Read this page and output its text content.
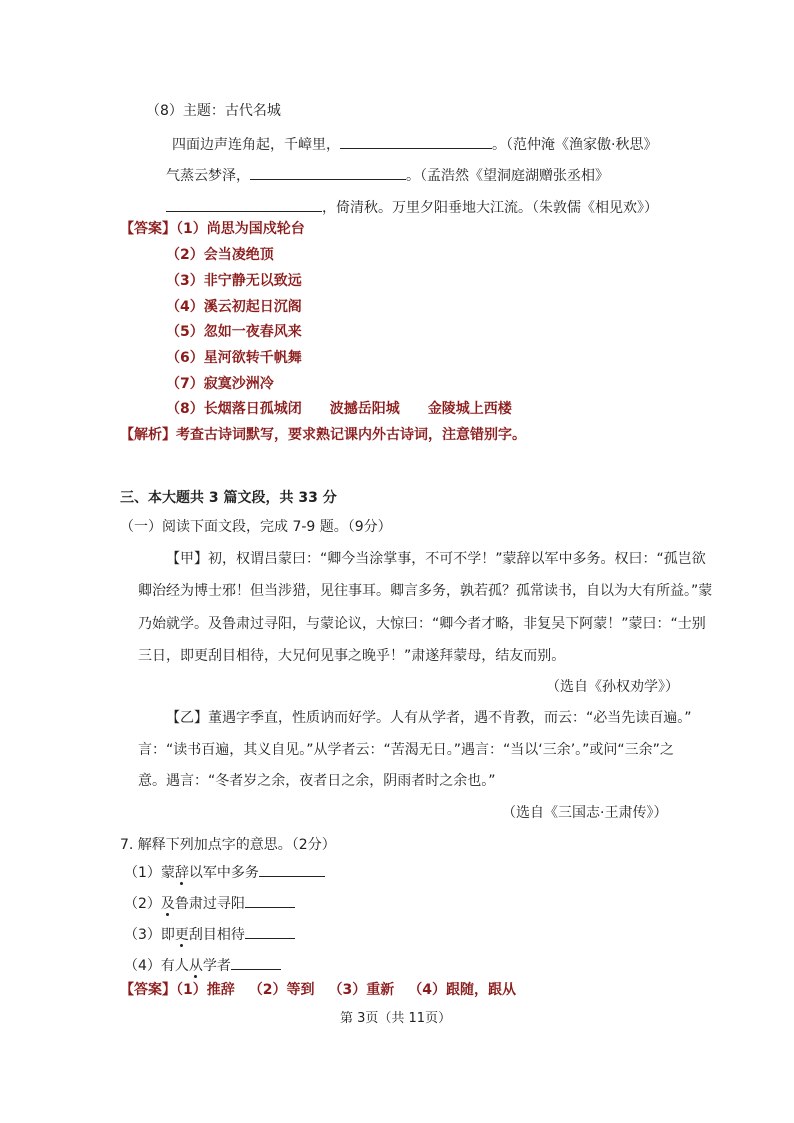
（8）主题：古代名城
四面边声连角起，千嶂里，	。（范仲淹《渔家傲·秋思》
气蒸云梦泽，	。（孟浩然《望洞庭湖赠张丞相》
，倚清秋。万里夕阳垂地大江流。（朱敦儒《相见欢》）
【答案】（1）尚思为国戍轮台
（2）会当凌绝顶
（3）非宁静无以致远
（4）溪云初起日沉阁
（5）忽如一夜春风来
（6）星河欲转千帆舞
（7）寂寞沙洲冷
（8）长烟落日孤城闭 波撼岳阳城 金陵城上西楼
【解析】考查古诗词默写，要求熟记课内外古诗词，注意错别字。
三、本大题共 3 篇文段，共 33 分
（一）阅读下面文段，完成 7-9 题。（9分）
【甲】初，权谓吕蒙曰：“卿今当涂掌事，不可不学！”蒙辞以军中多务。权曰：“孤岂欲
卿治经为博士邪！但当涉猎，见往事耳。卿言多务，孰若孤？孤常读书，自以为大有所益。”蒙
乃始就学。及鲁肃过寻阳，与蒙论议，大惊曰：“卿今者才略，非复吴下阿蒙！”蒙曰：“士别
三日，即更刮目相待，大兄何见事之晚乎！”肃遂拜蒙母，结友而别。
（选自《孙权劝学》）
【乙】董遇字季直，性质讷而好学。人有从学者，遇不肯教，而云：“必当先读百遍。”
言：“读书百遍，其义自见。”从学者云：“苦渴无日。”遇言：“当以‘三余’。”或问“三余”之
意。遇言：“冬者岁之余，夜者日之余，阴雨者时之余也。”
（选自《三国志·王肃传》）
7. 解释下列加点字的意思。（2分）
（1）蒙辞以军中多务
（2）及鲁肃过寻阳
（3）即更刮目相待
（4）有人从学者
【答案】（1）推辞 （2）等到 （3）重新 （4）跟随，跟从
第 3页（共 11页）
